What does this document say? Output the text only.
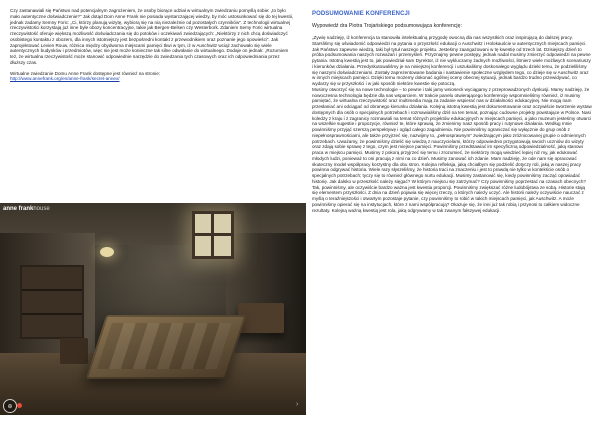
Czy zastanawiali się Państwo nad potencjalnym zagrożeniem, że osoby biorące udział w wirtualnym zwiedzaniu pomyślą sobie: „to było mało autentyczne doświadczenie?” Jak dotąd Dom Anne Frank nie posiada wystarczającej wiedzy, by móc ustosunkować się do tej kwestii, jednak zadamy Semny Foric: „Ci, którzy planują wizytę, wybiorą się na nią niezależnie od pozostałych czynników”. Z technologii wirtualnej rzeczywistości korzystają już inne byłe obozy koncentracyjne, takie jak Bergen-Belsen czy Westerbork. Zdaniem Semy Foric wirtualna rzeczywistość oferuje większą możliwość doświadczania się do potoków i oczekiwań zwiedzających: „Niektórzy z nich chcą doświadczyć osobistego kontaktu z obozem, dla innych istotniejszy jest bezpośredni kontakt z przewodnikiem oraz poznanie jego opowieści”. Jak zaprojektować Levien Rouw, różnica między obydwoma miejscami pamięci tkwi w tym, iż w Auschwitz wciąż zachowało się wiele autentycznych budynków i przedmiotów, więc nie jest może konieczne tak silne odwołanie do wirtualnego. Dodaje on jednak: „Rozumiem też, że wirtualna rzeczywistość może stanowić odpowiednie narzędzie do zwiedzania tych czasowych oraz ich odpowiedniania przez dłuższy czas.

Wirtualne zwiedzanie Domu Anne Frank dostępne jest również na stronie:
http://www.annefrank.org/en/anne-frank/secret-annex/

anne frankhouse
⊕	›
PODSUMOWANIE KONFERENCJI
Wypowiedź dra Piotra Trojańskiego podsumowująca konferencję:

„Zywię nadzieję, iż konferencja ta stanowiła intelektualną przygodę owocną dla nas wszystkich oraz inspirującą do dalszej pracy. Starsliśmy się uświadomić odpowiedzi na pytania o przyszłość edukacji o Auschwitz i Holokauście w autentycznych miejscach pamięci. Jak Państwo zapewne wiedzą, taki był tytuł naszego projektu. Jesteśmy zaangażowani w tę kwestię od trzech lat. Dzisiejszy dzień to próba podsumowania naszych rozważań i przemyśleń. Przyznajmy pewne postępy, jednak nadal musimy zmierzyć odpowiedzi na pewne pytania. Istotną kwestią jest to, jak powiedział sam Dyrektor, iż nie wykluczamy żadnych możliwości, litmierz wiele możliwych scenariuszy i kierunków działania. Przedyskutowaliśmy je na niniejszej konferencji i uszukaliśmy doskonałego wyglądu dzieki temu, że podzieliliśmy się naszymi doświadczeniami. Zostały zaprezentowane badania i nastawienie społeczne względem tego, co dzieje się w Auschwitz oraz w innych miejscach pamięci. Dzięki temu możemy dokonać ogólnej oceny obecnej sytuacji, jednak bardzo trudno przewidywać, co wydarzy się w przyszłości i w jaki sposób niektóre kwestie się potoczą.

Musimy otworzyć się na nowe technologie – to pewne i taki jamy wnioseck wyciągamy z przeprowadzonych dyskusji. Mamy nadzieję, że nowoczesna technologia będzie dla nas wsparciem. W trakcie panelu otwierającego konferencję wspomnieliśmy również, iż musimy pamiętać, że wirtualna rzeczywistość oraz multimedia mają za zadanie wspierać nas w działalności edukacyjnej. Nie mogą nam przesłaniać ani odciągać od obranego kierunku działania. Kolejną istotną kwestią jest dokumentowanie oraz oczywiście tworzenie wystaw dostępnych dla osób o specjalnych potrzebach i rozmawialiśmy dziś na ten temat, poznając cudowne projekty powstające w Polsce. Nasi koledzy z kraju i z zagranicy rozmawiali na temat różnych projektów edukacyjnych w miejscach pamięci, a jako muzeum jesteśmy otwarci na wszelkie sugestie i propozycje, również te, które sprawią, że zmienimy nasz sposób pracy i rutynowe działania. Według mnie powinniśmy przyjąć szerszą perspektywę i ogląd całego zagadnienia. Nie powinniśmy ograniczać się wyłącznie do grup osób z niepełnosprawnościami, ale także przyjrzeć się, nazwijmy to, „pełnosprawnym” zwiedzającym jako zróżnicowanej grupie o odmiennych potrzebach. Uważamy, że powinniśmy dzielić się wiedzą z nauczycielami, którzy odpowiednio przygotowują swoich uczniów do wizyty oraz zdają sobie sprawę z tego, czym jest miejsce pamięci. Powinniśmy przedstawiać im specyficzną odpowiedzialność, jaką stanowi praca w miejscu pamięci. Musimy z pokorą przyjrzeć się temu i zrozumieć, że niektórzy mogą wiedzieć lepiej niż my, jak edukować młodych ludzi, ponieważ to oni pracują z nimi na co dzień. Musimy zanować ich zdanie. Mam nadzieję, że ode nam się opracować skuteczny model współpracy korzystny dla obu stron. Kolejna refleksja, jaką chciałbym się podzielić dotyczy roli, jaką w naszej pracy powinna odgrywać historia. Wiele razy słyszeliśmy, że historia traci na znaczeniu i jest to prawdą nie tylko w kontekście osób o specjalnych potrzebach; tyczy się to również głównego nurtu edukacji. Musimy zastanowić się, kiedy powinniśmy zacząć opowiadać historię. Jak dalsko w przeszłość należy sięgać? W którym miejscu się zatrzymać? Czy powinniśmy poprzestać na czasach obecnych? Tak, powinniśmy, ale oczywiście bardzo ważna jest kwestia proporcji. Powinniśmy zwiększać różne ludobójstwa ze sobą. Historie stają się elementem przyszłości. Z dnia na dzień pojawia się więcej rzeczy, o których należy uczyć. Ale historii należy oczywiście nauczać z myślą o teraźniejszości i otwartym pozostaje pytanie, czy powinniśmy to robić w takich miejscach pamięci, jak Auschwitz. A może powinniśmy opierać się na instytucjach, które z nami współpracują? Okazuje się, że inni już tak robią i przynosi to całkiem widoczne rezultaty. Kolejną ważną kwestią jest rola, jaką odgrywamy w tak zwanym fałszywej edukacji.
